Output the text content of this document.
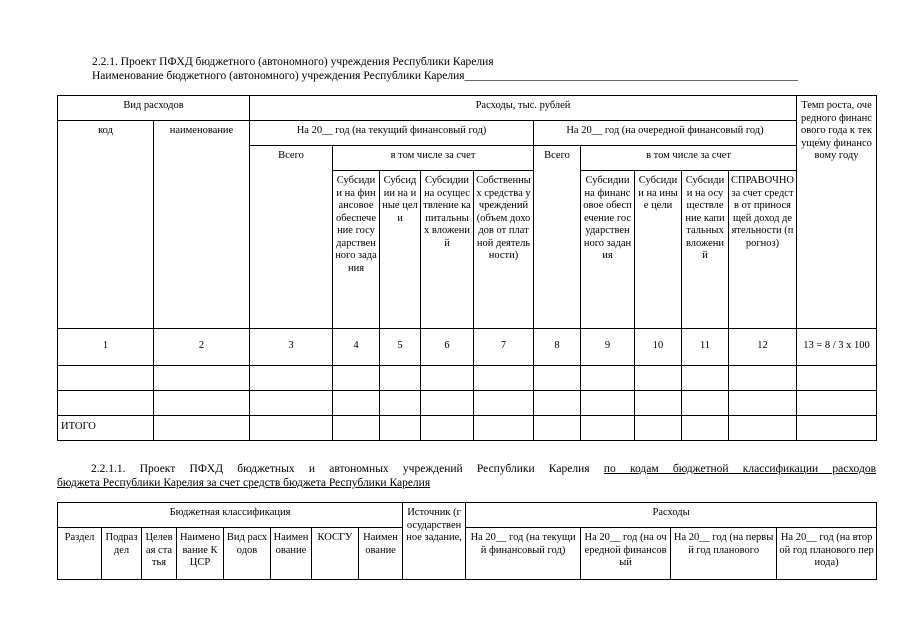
2.2.1. Проект ПФХД бюджетного (автономного) учреждения Республики Карелия
Наименование бюджетного (автономного) учреждения Республики Карелия__________________________________________________________
Вид расходов		Расходы, тыс. рублей										Темп роста, очередного финансового года к текущему финансовому году
код	наименование	На 20__ год (на текущий финансовый год)					На 20__ год (на очередной финансовый год)					
		Всего	в том числе за счет				Всего	в том числе за счет				
			Субсидии на финансовое обеспечение государственного задания	Субсидии на иные цели	Субсидии на осуществление капитальных вложений	Собственных средства учреждений (объем доходов от платной деятельности)		Субсидии на финансовое обеспечение государственного задания	Субсидии на иные цели	Субсидии на осуществление капитальных вложений	СПРАВОЧНО за счет средств от приносящей доход деятельности (прогноз)	
1	2	3	4	5	6	7	8	9	10	11	12	13 = 8 / 3 х 100

ИТОГО												
2.2.1.1. Проект ПФХД бюджетных и автономных учреждений Республики Карелия по кодам бюджетной классификации расходов
бюджета Республики Карелия за счет средств бюджета Республики Карелия
Бюджетная классификация								Источник (государственное задание,	Расходы			
Раздел	Подраздел	Целевая статья	Наименование КЦСР	Вид расходов	Наименование	КОСГУ	Наименование		На 20__ год (на текущий финансовый год)	На 20__ год (на очередной финансовый	На 20__ год (на первый год планового	На 20__ год (на второй год планового периода)
